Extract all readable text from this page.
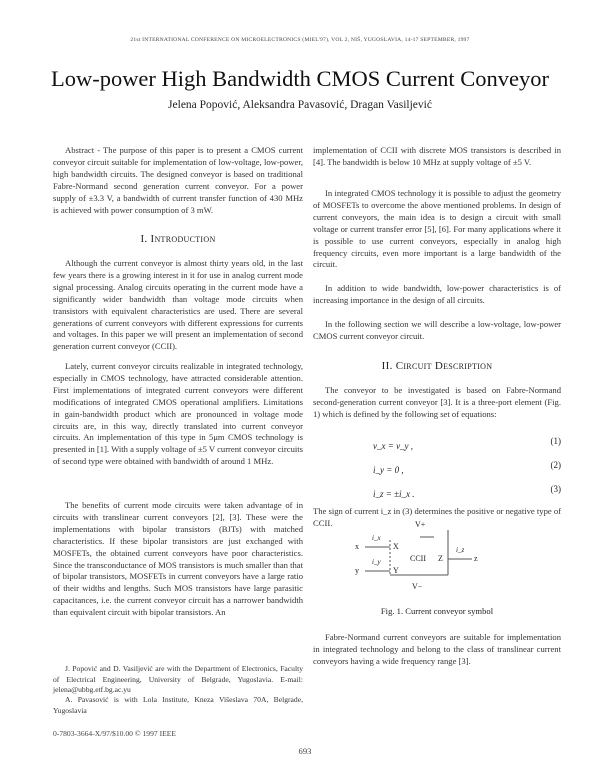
21st INTERNATIONAL CONFERENCE ON MICROELECTRONICS (MIEL'97), VOL 2, NIŠ, YUGOSLAVIA, 14-17 SEPTEMBER, 1997
Low-power High Bandwidth CMOS Current Conveyor
Jelena Popović, Aleksandra Pavasović, Dragan Vasiljević
Abstract - The purpose of this paper is to present a CMOS current conveyor circuit suitable for implementation of low-voltage, low-power, high bandwidth circuits. The designed conveyor is based on traditional Fabre-Normand second generation current conveyor. For a power supply of ±3.3 V, a bandwidth of current transfer function of 430 MHz is achieved with power consumption of 3 mW.
I. Introduction
Although the current conveyor is almost thirty years old, in the last few years there is a growing interest in it for use in analog current mode signal processing. Analog circuits operating in the current mode have a significantly wider bandwidth than voltage mode circuits when transistors with equivalent characteristics are used. There are several generations of current conveyors with different expressions for currents and voltages. In this paper we will present an implementation of second generation current conveyor (CCII).
Lately, current conveyor circuits realizable in integrated technology, especially in CMOS technology, have attracted considerable attention. First implementations of integrated current conveyors were different modifications of integrated CMOS operational amplifiers. Limitations in gain-bandwidth product which are pronounced in voltage mode circuits are, in this way, directly translated into current conveyor circuits. An implementation of this type in 5μm CMOS technology is presented in [1]. With a supply voltage of ±5 V current conveyor circuits of second type were obtained with bandwidth of around 1 MHz.
The benefits of current mode circuits were taken advantage of in circuits with translinear current conveyors [2], [3]. These were the implementations with bipolar transistors (BJTs) with matched characteristics. If these bipolar transistors are just exchanged with MOSFETs, the obtained current conveyors have poor characteristics. Since the transconductance of MOS transistors is much smaller than that of bipolar transistors, MOSFETs in current conveyors have a large ratio of their widths and lengths. Such MOS transistors have large parasitic capacitances, i.e. the current conveyor circuit has a narrower bandwidth than equivalent circuit with bipolar transistors. An
J. Popović and D. Vasiljević are with the Department of Electronics, Faculty of Electrical Engineering, University of Belgrade, Yugoslavia. E-mail: jelena@ubbg.etf.bg.ac.yu
A. Pavasović is with Lola Institute, Kneza Višeslava 70A, Belgrade, Yugoslavia
0-7803-3664-X/97/$10.00 © 1997 IEEE
693
implementation of CCII with discrete MOS transistors is described in [4]. The bandwidth is below 10 MHz at supply voltage of ±5 V.
In integrated CMOS technology it is possible to adjust the geometry of MOSFETs to overcome the above mentioned problems. In design of current conveyors, the main idea is to design a circuit with small voltage or current transfer error [5], [6]. For many applications where it is possible to use current conveyors, especially in analog high frequency circuits, even more important is a large bandwidth of the circuit.
In addition to wide bandwidth, low-power characteristics is of increasing importance in the design of all circuits.
In the following section we will describe a low-voltage, low-power CMOS current conveyor circuit.
II. Circuit Description
The conveyor to be investigated is based on Fabre-Normand second-generation current conveyor [3]. It is a three-port element (Fig. 1) which is defined by the following set of equations:
v_x = v_y ,	(1)
i_y = 0 ,	(2)
i_z = ±i_x .	(3)
The sign of current i_z in (3) determines the positive or negative type of CCII.	V+
V−
X
Y
Z
CCII
x
y
z
i_x
i_y
i_z
Fig. 1. Current conveyor symbol
Fabre-Normand current conveyors are suitable for implementation in integrated technology and belong to the class of translinear current conveyors having a wide frequency range [3].
